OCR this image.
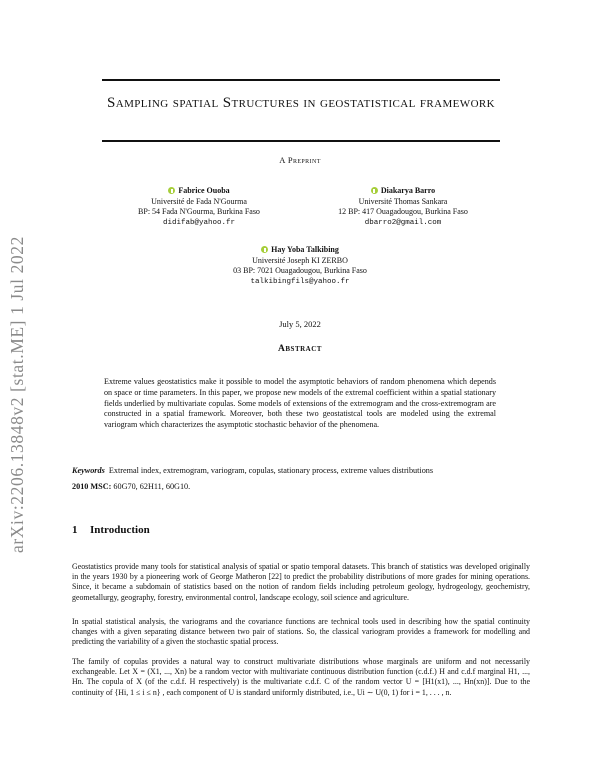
arXiv:2206.13848v2 [stat.ME] 1 Jul 2022
Sampling spatial Structures in geostatistical framework
A Preprint
Fabrice Ouoba
Université de Fada N'Gourma
BP: 54 Fada N'Gourma, Burkina Faso
didifab@yahoo.fr
Diakarya Barro
Université Thomas Sankara
12 BP: 417 Ouagadougou, Burkina Faso
dbarro2@gmail.com
Hay Yoba Talkibing
Université Joseph KI ZERBO
03 BP: 7021 Ouagadougou, Burkina Faso
talkibingfils@yahoo.fr
July 5, 2022
Abstract
Extreme values geostatistics make it possible to model the asymptotic behaviors of random phenomena which depends on space or time parameters. In this paper, we propose new models of the extremal coefficient within a spatial stationary fields underlied by multivariate copulas. Some models of extensions of the extremogram and the cross-extremogram are constructed in a spatial framework. Moreover, both these two geostatistcal tools are modeled using the extremal variogram which characterizes the asymptotic stochastic behavior of the phenomena.
Keywords Extremal index, extremogram, variogram, copulas, stationary process, extreme values distributions
2010 MSC: 60G70, 62H11, 60G10.
1 Introduction
Geostatistics provide many tools for statistical analysis of spatial or spatio temporal datasets. This branch of statistics was developed originally in the years 1930 by a pioneering work of George Matheron [22] to predict the probability distributions of more grades for mining operations. Since, it became a subdomain of statistics based on the notion of random fields including petroleum geology, hydrogeology, geochemistry, geometallurgy, geography, forestry, environmental control, landscape ecology, soil science and agriculture.
In spatial statistical analysis, the variograms and the covariance functions are technical tools used in describing how the spatial continuity changes with a given separating distance between two pair of stations. So, the classical variogram provides a framework for modelling and predicting the variability of a given the stochastic spatial process.
The family of copulas provides a natural way to construct multivariate distributions whose marginals are uniform and not necessarily exchangeable. Let X = (X1, ..., Xn) be a random vector with multivariate continuous distribution function (c.d.f.) H and c.d.f marginal H1, ..., Hn. The copula of X (of the c.d.f. H respectively) is the multivariate c.d.f. C of the random vector U = [H1(x1), ..., Hn(xn)]. Due to the continuity of {Hi, 1 ≤ i ≤ n} , each component of U is standard uniformly distributed, i.e., Ui ∼ U(0, 1) for i = 1, . . . , n.
